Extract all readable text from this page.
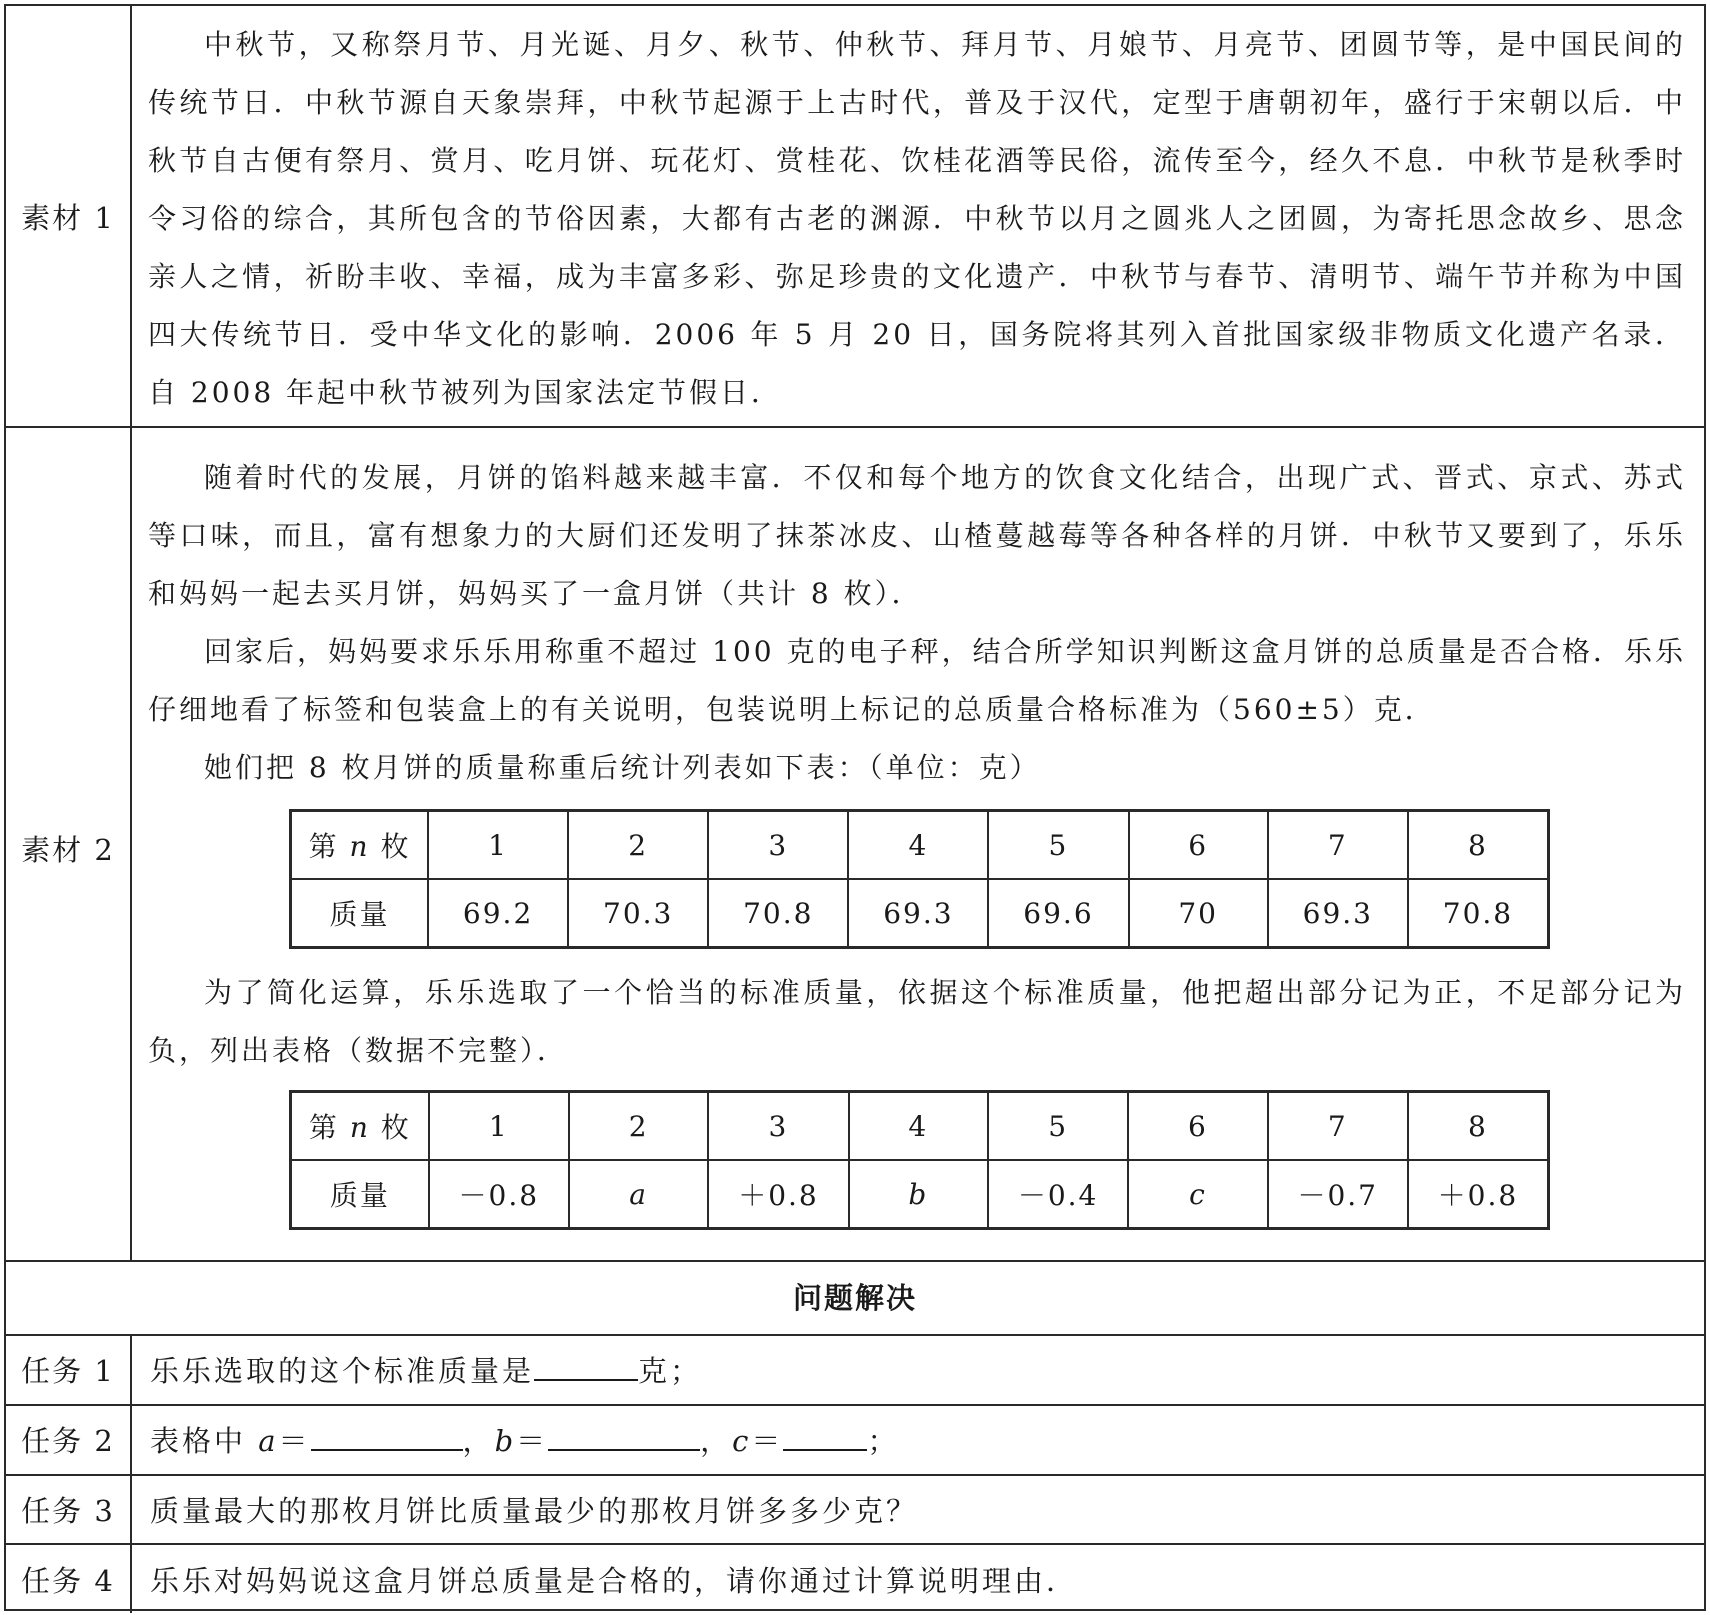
素材 1

中秋节，又称祭月节、月光诞、月夕、秋节、仲秋节、拜月节、月娘节、月亮节、团圆节等，是中国民间的传统节日．中秋节源自天象崇拜，中秋节起源于上古时代，普及于汉代，定型于唐朝初年，盛行于宋朝以后．中秋节自古便有祭月、赏月、吃月饼、玩花灯、赏桂花、饮桂花酒等民俗，流传至今，经久不息．中秋节是秋季时令习俗的综合，其所包含的节俗因素，大都有古老的渊源．中秋节以月之圆兆人之团圆，为寄托思念故乡、思念亲人之情，祈盼丰收、幸福，成为丰富多彩、弥足珍贵的文化遗产．中秋节与春节、清明节、端午节并称为中国四大传统节日．受中华文化的影响．2006 年 5 月 20 日，国务院将其列入首批国家级非物质文化遗产名录．自 2008 年起中秋节被列为国家法定节假日．

素材 2

随着时代的发展，月饼的馅料越来越丰富．不仅和每个地方的饮食文化结合，出现广式、晋式、京式、苏式等口味，而且，富有想象力的大厨们还发明了抹茶冰皮、山楂蔓越莓等各种各样的月饼．中秋节又要到了，乐乐和妈妈一起去买月饼，妈妈买了一盒月饼（共计 8 枚）．

回家后，妈妈要求乐乐用称重不超过 100 克的电子秤，结合所学知识判断这盒月饼的总质量是否合格．乐乐仔细地看了标签和包装盒上的有关说明，包装说明上标记的总质量合格标准为（560±5）克．

她们把 8 枚月饼的质量称重后统计列表如下表：（单位：克）

第 n 枚	1	2	3	4	5	6	7	8
质量	69.2	70.3	70.8	69.3	69.6	70	69.3	70.8

为了简化运算，乐乐选取了一个恰当的标准质量，依据这个标准质量，他把超出部分记为正，不足部分记为负，列出表格（数据不完整）．

第 n 枚	1	2	3	4	5	6	7	8
质量	－0.8	a	＋0.8	b	－0.4	c	－0.7	＋0.8
问题解决
任务 1	乐乐选取的这个标准质量是	克；
任务 2	表格中 a＝	，b＝	，c＝	；
任务 3	质量最大的那枚月饼比质量最少的那枚月饼多多少克？
任务 4	乐乐对妈妈说这盒月饼总质量是合格的，请你通过计算说明理由．
